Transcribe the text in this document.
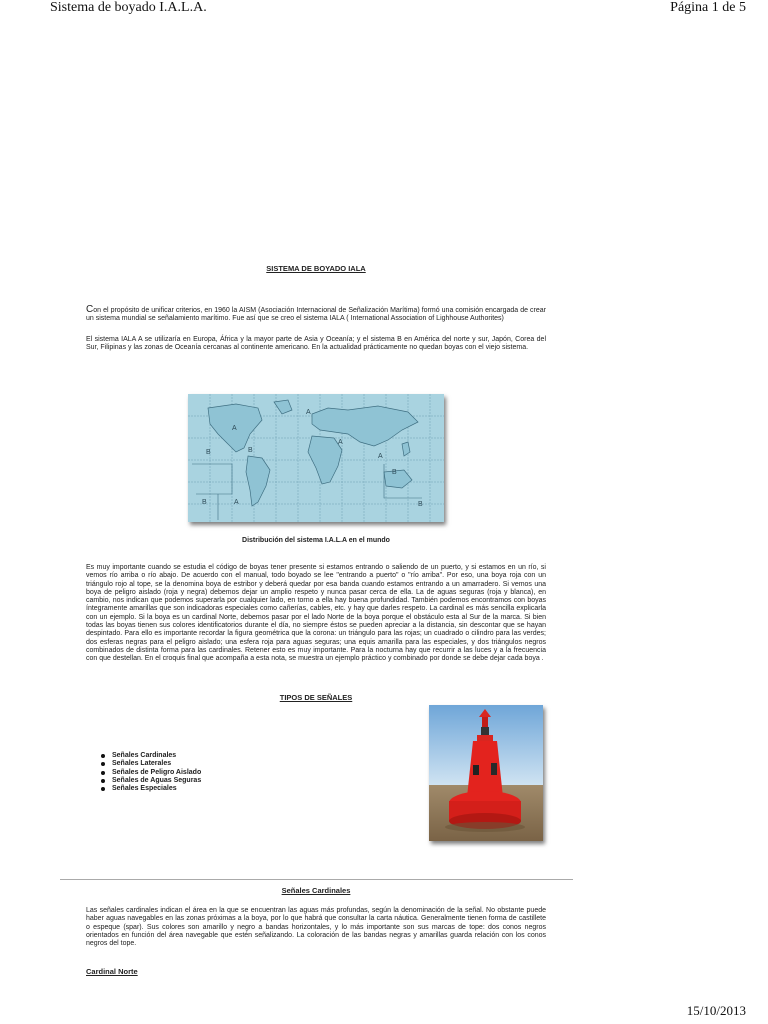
Sistema de boyado I.A.L.A.	Página 1 de 5
SISTEMA DE BOYADO IALA
Con el propósito de unificar criterios, en 1960 la AISM (Asociación Internacional de Señalización Marítima) formó una comisión encargada de crear un sistema mundial se señalamiento marítimo. Fue así que se creo el sistema IALA ( International Association of Lighhouse Authorites)
El sistema IALA A se utilizaría en Europa, África y la mayor parte de Asia y Oceanía; y el sistema B en América del norte y sur, Japón, Corea del Sur, Filipinas y las zonas de Oceanía cercanas al continente americano. En la actualidad prácticamente no quedan boyas con el viejo sistema.
A
A
B	B
A
A
B
B	A	B
Distribución del sistema I.A.L.A en el mundo
Es muy importante cuando se estudia el código de boyas tener presente si estamos entrando o saliendo de un puerto, y si estamos en un río, si vemos río arriba o río abajo. De acuerdo con el manual, todo boyado se lee "entrando a puerto" o "río arriba". Por eso, una boya roja con un triángulo rojo al tope, se la denomina boya de estribor y deberá quedar por esa banda cuando estamos entrando a un amarradero. Si vemos una boya de peligro aislado (roja y negra) debemos dejar un amplio respeto y nunca pasar cerca de ella. La de aguas seguras (roja y blanca), en cambio, nos indican que podemos superarla por cualquier lado, en torno a ella hay buena profundidad. También podemos encontramos con boyas íntegramente amarillas que son indicadoras especiales como cañerías, cables, etc. y hay que darles respeto. La cardinal es más sencilla explicarla con un ejemplo. Si la boya es un cardinal Norte, debemos pasar por el lado Norte de la boya porque el obstáculo esta al Sur de la marca. Si bien todas las boyas tienen sus colores identificatorios durante el día, no siempre éstos se pueden apreciar a la distancia, sin descontar que se hayan despintado. Para ello es importante recordar la figura geométrica que la corona: un triángulo para las rojas; un cuadrado o cilindro para las verdes; dos esferas negras para el peligro aislado; una esfera roja para aguas seguras; una equis amarilla para las especiales, y dos triángulos negros combinados de distinta forma para las cardinales. Retener esto es muy importante. Para la nocturna hay que recurrir a las luces y a la frecuencia con que destellan. En el croquis final que acompaña a esta nota, se muestra un ejemplo práctico y combinado por donde se debe dejar cada boya .
TIPOS DE SEÑALES
Señales Cardinales
Señales Laterales
Señales de Peligro Aislado
Señales de Aguas Seguras
Señales Especiales
Señales Cardinales
Las señales cardinales indican el área en la que se encuentran las aguas más profundas, según la denominación de la señal. No obstante puede haber aguas navegables en las zonas próximas a la boya, por lo que habrá que consultar la carta náutica. Generalmente tienen forma de castillete o espeque (spar). Sus colores son amarillo y negro a bandas horizontales, y lo más importante son sus marcas de tope: dos conos negros orientados en función del área navegable que estén señalizando. La coloración de las bandas negras y amarillas guarda relación con los conos negros del tope.
Cardinal Norte
15/10/2013
